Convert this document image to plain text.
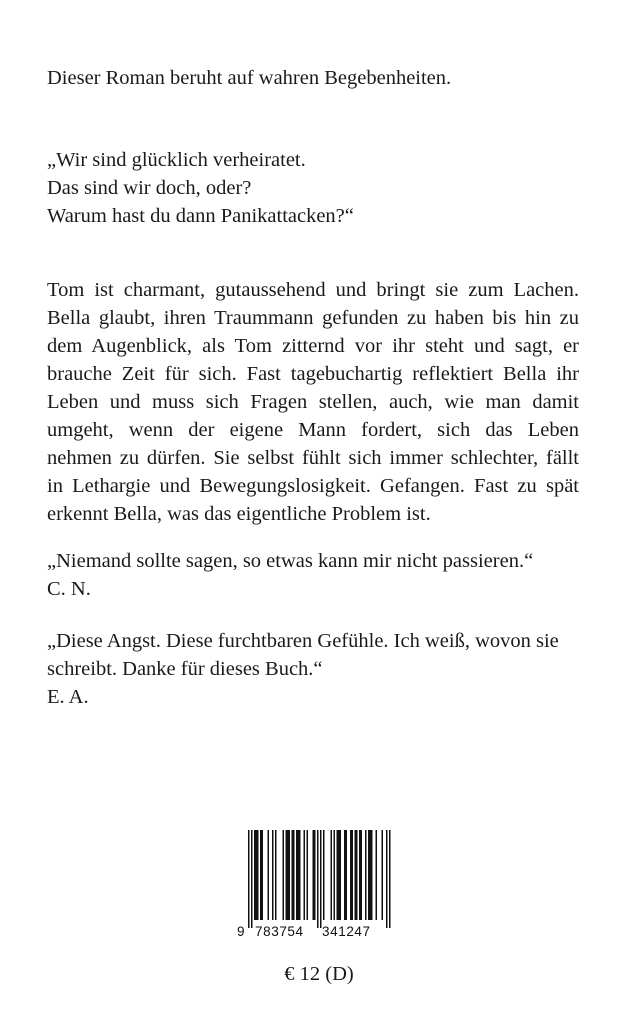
Dieser Roman beruht auf wahren Begebenheiten.
„Wir sind glücklich verheiratet.
Das sind wir doch, oder?
Warum hast du dann Panikattacken?“
Tom ist charmant, gutaussehend und bringt sie zum Lachen.
Bella glaubt, ihren Traummann gefunden zu haben bis hin zu
dem Augenblick, als Tom zitternd vor ihr steht und sagt, er
brauche Zeit für sich. Fast tagebuchartig reflektiert Bella ihr
Leben und muss sich Fragen stellen, auch, wie man damit
umgeht, wenn der eigene Mann fordert, sich das Leben
nehmen zu dürfen. Sie selbst fühlt sich immer schlechter, fällt
in Lethargie und Bewegungslosigkeit. Gefangen. Fast zu spät
erkennt Bella, was das eigentliche Problem ist.
„Niemand sollte sagen, so etwas kann mir nicht passieren.“
C. N.
„Diese Angst. Diese furchtbaren Gefühle. Ich weiß, wovon sie
schreibt. Danke für dieses Buch.“
E. A.
9 783754 341247
€ 12 (D)
